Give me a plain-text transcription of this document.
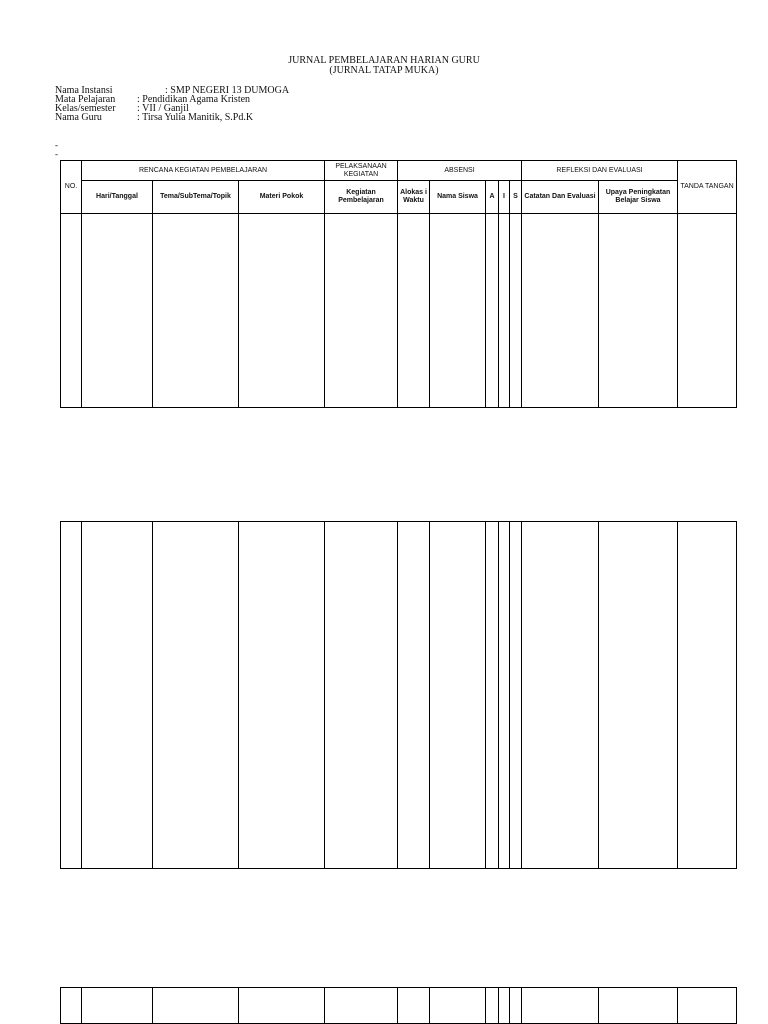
JURNAL PEMBELAJARAN HARIAN GURU
(JURNAL TATAP MUKA)
Nama Instansi	: SMP NEGERI 13 DUMOGA
Mata Pelajaran : Pendidikan Agama Kristen
Kelas/semester : VII / Ganjil
Nama Guru	: Tirsa Yulia Manitik, S.Pd.K
-
-
NO.	RENCANA KEGIATAN PEMBELAJARAN			PELAKSANAAN KEGIATAN	ABSENSI					REFLEKSI DAN EVALUASI		TANDA TANGAN
	Hari/Tanggal	Tema/SubTema/Topik	Materi Pokok	Kegiatan Pembelajaran	Alokas i Waktu	Nama Siswa	A	I	S	Catatan Dan Evaluasi	Upaya Peningkatan Belajar Siswa	
